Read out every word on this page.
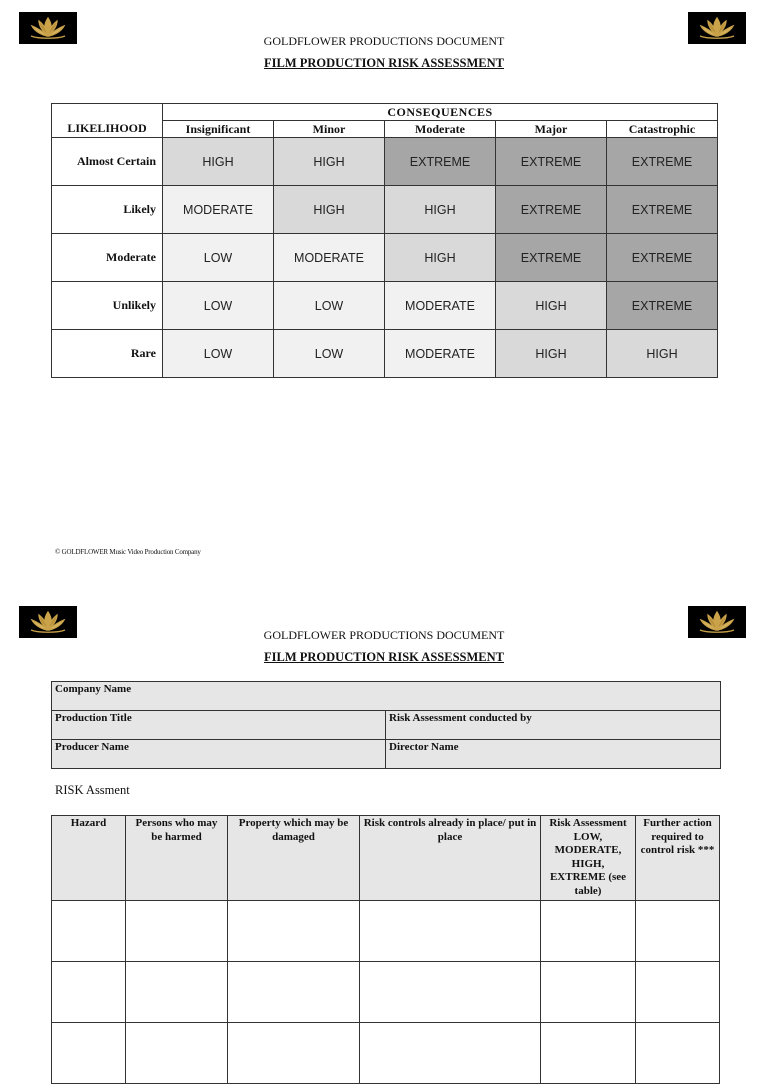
GOLDFLOWER PRODUCTIONS DOCUMENT
FILM PRODUCTION RISK ASSESSMENT
LIKELIHOOD	CONSEQUENCES				
	Insignificant	Minor	Moderate	Major	Catastrophic
Almost Certain	HIGH	HIGH	EXTREME	EXTREME	EXTREME
Likely	MODERATE	HIGH	HIGH	EXTREME	EXTREME
Moderate	LOW	MODERATE	HIGH	EXTREME	EXTREME
Unlikely	LOW	LOW	MODERATE	HIGH	EXTREME
Rare	LOW	LOW	MODERATE	HIGH	HIGH
© GOLDFLOWER Music Video Production Company
GOLDFLOWER PRODUCTIONS DOCUMENT
FILM PRODUCTION RISK ASSESSMENT
Company Name	
Production Title	Risk Assessment conducted by
Producer Name	Director Name
RISK Assment
Hazard	Persons who may be harmed	Property which may be damaged	Risk controls already in place/ put in place	Risk Assessment LOW, MODERATE, HIGH, EXTREME (see table)	Further action required to control risk ***
